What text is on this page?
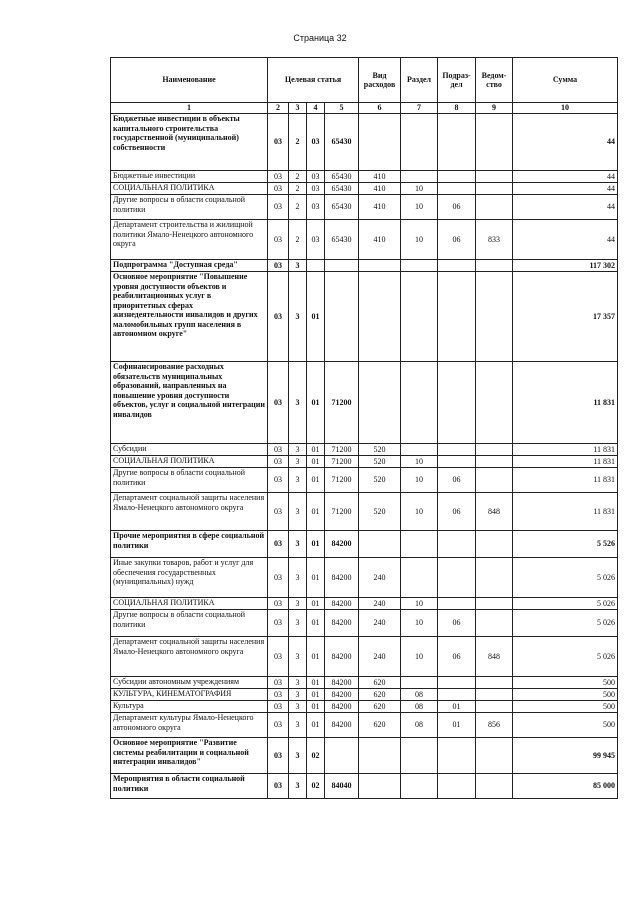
Страница 32
Наименование	Целевая статья				Вид расходов	Раздел	Подраз-дел	Ведом-ство	Сумма
1	2	3	4	5	6	7	8	9	10
Бюджетные инвестиции в объекты капитального строительства государственной (муниципальной) собственности	03	2	03	65430					44
Бюджетные инвестиции	03	2	03	65430	410				44
СОЦИАЛЬНАЯ ПОЛИТИКА	03	2	03	65430	410	10			44
Другие вопросы в области социальной политики	03	2	03	65430	410	10	06		44
Департамент строительства и жилищной политики Ямало-Ненецкого автономного округа	03	2	03	65430	410	10	06	833	44
Подпрограмма "Доступная среда"	03	3							117 302
Основное мероприятие "Повышение уровня доступности объектов и реабилитационных услуг в приоритетных сферах жизнедеятельности инвалидов и других маломобильных групп населения в автономном округе"	03	3	01						17 357
Софинансирование расходных обязательств муниципальных образований, направленных на повышение уровня доступности объектов, услуг и социальной интеграции инвалидов	03	3	01	71200					11 831
Субсидии	03	3	01	71200	520				11 831
СОЦИАЛЬНАЯ ПОЛИТИКА	03	3	01	71200	520	10			11 831
Другие вопросы в области социальной политики	03	3	01	71200	520	10	06		11 831
Департамент социальной защиты населения Ямало-Ненецкого автономного округа	03	3	01	71200	520	10	06	848	11 831
Прочие мероприятия в сфере социальной политики	03	3	01	84200					5 526
Иные закупки товаров, работ и услуг для обеспечения государственных (муниципальных) нужд	03	3	01	84200	240				5 026
СОЦИАЛЬНАЯ ПОЛИТИКА	03	3	01	84200	240	10			5 026
Другие вопросы в области социальной политики	03	3	01	84200	240	10	06		5 026
Департамент социальной защиты населения Ямало-Ненецкого автономного округа	03	3	01	84200	240	10	06	848	5 026
Субсидии автономным учреждениям	03	3	01	84200	620				500
КУЛЬТУРА, КИНЕМАТОГРАФИЯ	03	3	01	84200	620	08			500
Культура	03	3	01	84200	620	08	01		500
Департамент культуры Ямало-Ненецкого автономного округа	03	3	01	84200	620	08	01	856	500
Основное мероприятие "Развитие системы реабилитации и социальной интеграции инвалидов"	03	3	02						99 945
Мероприятия в области социальной политики	03	3	02	84040					85 000
